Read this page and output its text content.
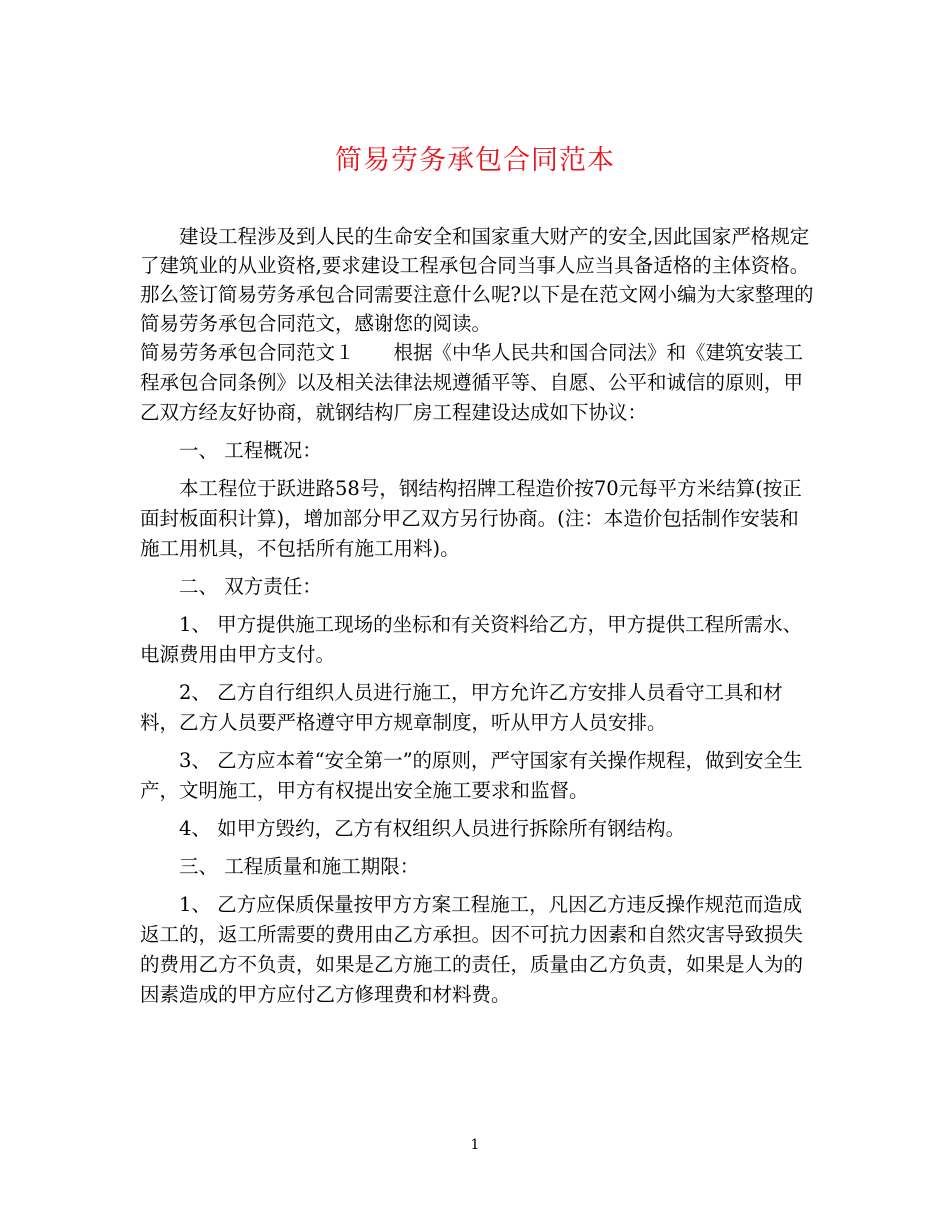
简易劳务承包合同范本

建设工程涉及到人民的生命安全和国家重大财产的安全,因此国家严格规定了建筑业的从业资格,要求建设工程承包合同当事人应当具备适格的主体资格。那么签订简易劳务承包合同需要注意什么呢?以下是在范文网小编为大家整理的简易劳务承包合同范文，感谢您的阅读。

简易劳务承包合同范文１　　根据《中华人民共和国合同法》和《建筑安装工程承包合同条例》以及相关法律法规遵循平等、自愿、公平和诚信的原则，甲乙双方经友好协商，就钢结构厂房工程建设达成如下协议：

一、 工程概况：

本工程位于跃进路58号，钢结构招牌工程造价按70元每平方米结算(按正面封板面积计算)，增加部分甲乙双方另行协商。(注：本造价包括制作安装和施工用机具，不包括所有施工用料)。

二、 双方责任：

1、 甲方提供施工现场的坐标和有关资料给乙方，甲方提供工程所需水、电源费用由甲方支付。

2、 乙方自行组织人员进行施工，甲方允许乙方安排人员看守工具和材料，乙方人员要严格遵守甲方规章制度，听从甲方人员安排。

3、 乙方应本着“安全第一”的原则，严守国家有关操作规程，做到安全生产，文明施工，甲方有权提出安全施工要求和监督。

4、 如甲方毁约，乙方有权组织人员进行拆除所有钢结构。

三、 工程质量和施工期限：

1、 乙方应保质保量按甲方方案工程施工，凡因乙方违反操作规范而造成返工的，返工所需要的费用由乙方承担。因不可抗力因素和自然灾害导致损失的费用乙方不负责，如果是乙方施工的责任，质量由乙方负责，如果是人为的因素造成的甲方应付乙方修理费和材料费。

1
